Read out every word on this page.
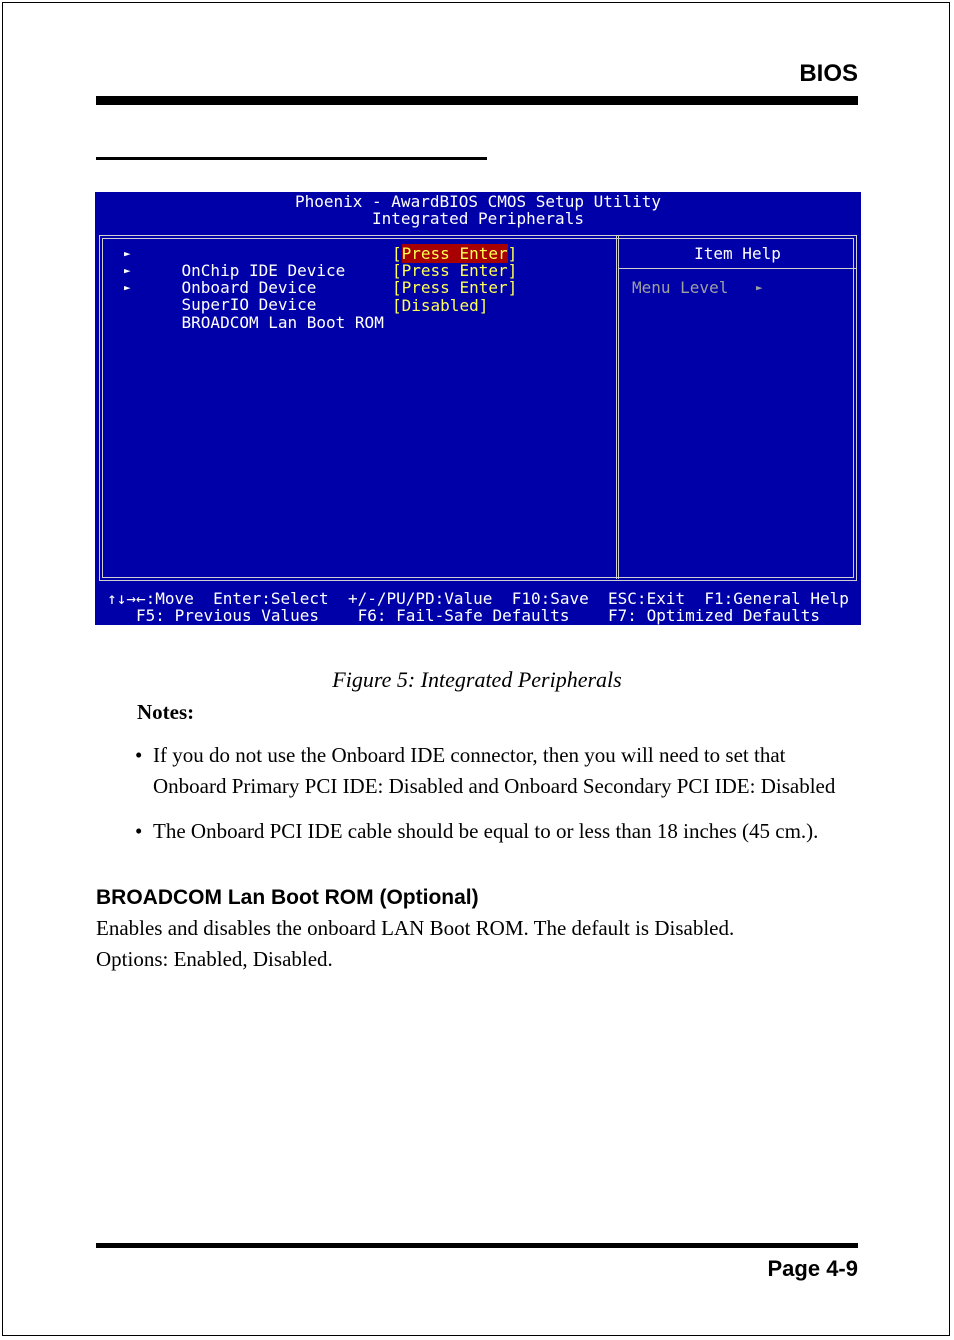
BIOS
Phoenix - AwardBIOS CMOS Setup Utility
Integrated Peripherals
►

OnChip IDE Device

[Press Enter]
►

Onboard Device

[Press Enter]
►

SuperIO Device

[Press Enter]

BROADCOM Lan Boot ROM

[Disabled]
Item Help
Menu Level	►
↑↓→←:Move  Enter:Select  +/-/PU/PD:Value  F10:Save  ESC:Exit  F1:General Help
F5: Previous Values    F6: Fail-Safe Defaults    F7: Optimized Defaults
Figure 5: Integrated Peripherals
Notes:
• If you do not use the Onboard IDE connector, then you will need to set that
Onboard Primary PCI IDE: Disabled and Onboard Secondary PCI IDE: Disabled
• The Onboard PCI IDE cable should be equal to or less than 18 inches (45 cm.).
BROADCOM Lan Boot ROM (Optional)
Enables and disables the onboard LAN Boot ROM. The default is Disabled.
Options: Enabled, Disabled.
Page 4-9
